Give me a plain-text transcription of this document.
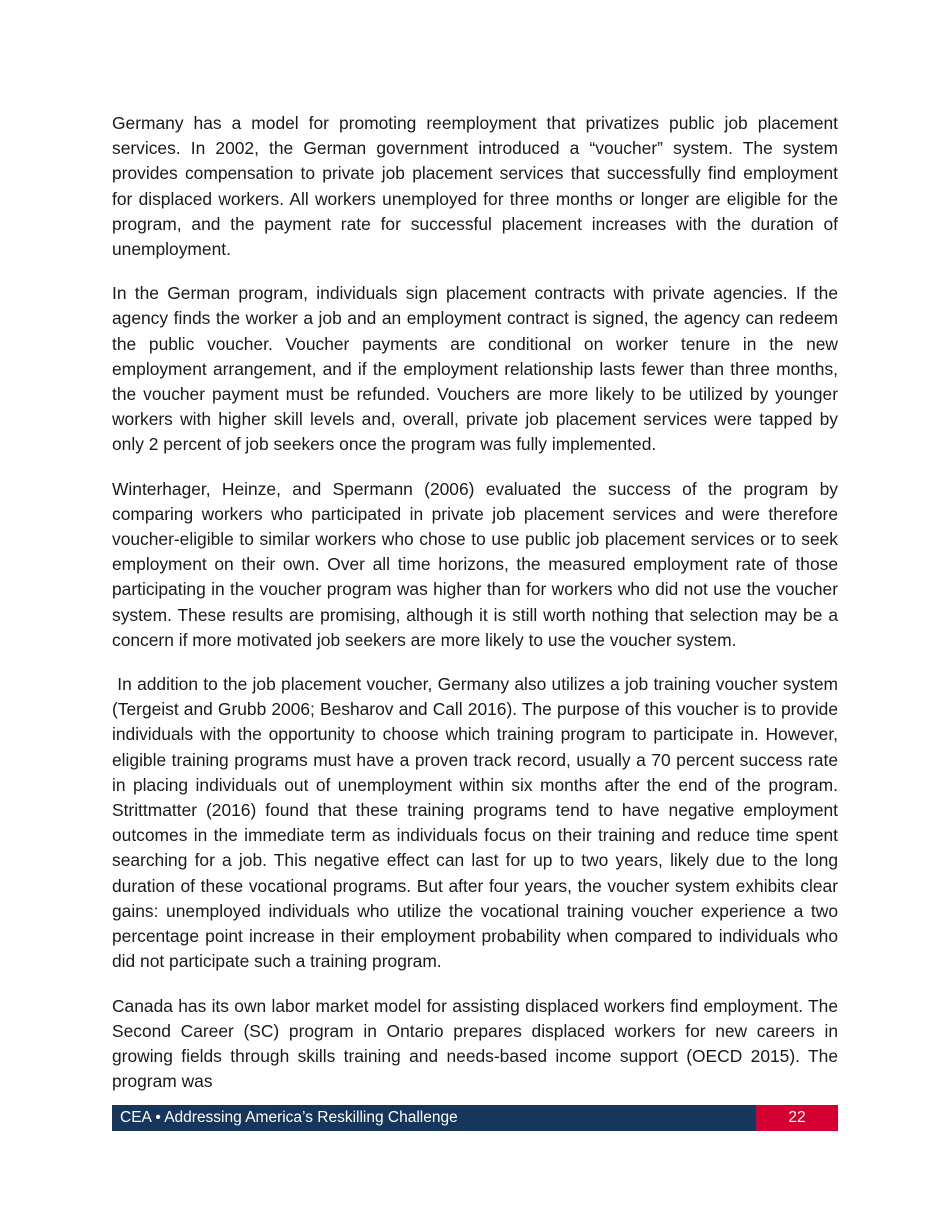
Germany has a model for promoting reemployment that privatizes public job placement services. In 2002, the German government introduced a “voucher” system. The system provides compensation to private job placement services that successfully find employment for displaced workers. All workers unemployed for three months or longer are eligible for the program, and the payment rate for successful placement increases with the duration of unemployment.

In the German program, individuals sign placement contracts with private agencies. If the agency finds the worker a job and an employment contract is signed, the agency can redeem the public voucher. Voucher payments are conditional on worker tenure in the new employment arrangement, and if the employment relationship lasts fewer than three months, the voucher payment must be refunded. Vouchers are more likely to be utilized by younger workers with higher skill levels and, overall, private job placement services were tapped by only 2 percent of job seekers once the program was fully implemented.

Winterhager, Heinze, and Spermann (2006) evaluated the success of the program by comparing workers who participated in private job placement services and were therefore voucher-eligible to similar workers who chose to use public job placement services or to seek employment on their own. Over all time horizons, the measured employment rate of those participating in the voucher program was higher than for workers who did not use the voucher system. These results are promising, although it is still worth nothing that selection may be a concern if more motivated job seekers are more likely to use the voucher system.

In addition to the job placement voucher, Germany also utilizes a job training voucher system (Tergeist and Grubb 2006; Besharov and Call 2016). The purpose of this voucher is to provide individuals with the opportunity to choose which training program to participate in. However, eligible training programs must have a proven track record, usually a 70 percent success rate in placing individuals out of unemployment within six months after the end of the program. Strittmatter (2016) found that these training programs tend to have negative employment outcomes in the immediate term as individuals focus on their training and reduce time spent searching for a job. This negative effect can last for up to two years, likely due to the long duration of these vocational programs. But after four years, the voucher system exhibits clear gains: unemployed individuals who utilize the vocational training voucher experience a two percentage point increase in their employment probability when compared to individuals who did not participate such a training program.

Canada has its own labor market model for assisting displaced workers find employment. The Second Career (SC) program in Ontario prepares displaced workers for new careers in growing fields through skills training and needs-based income support (OECD 2015). The program was

CEA • Addressing America’s Reskilling Challenge	22
